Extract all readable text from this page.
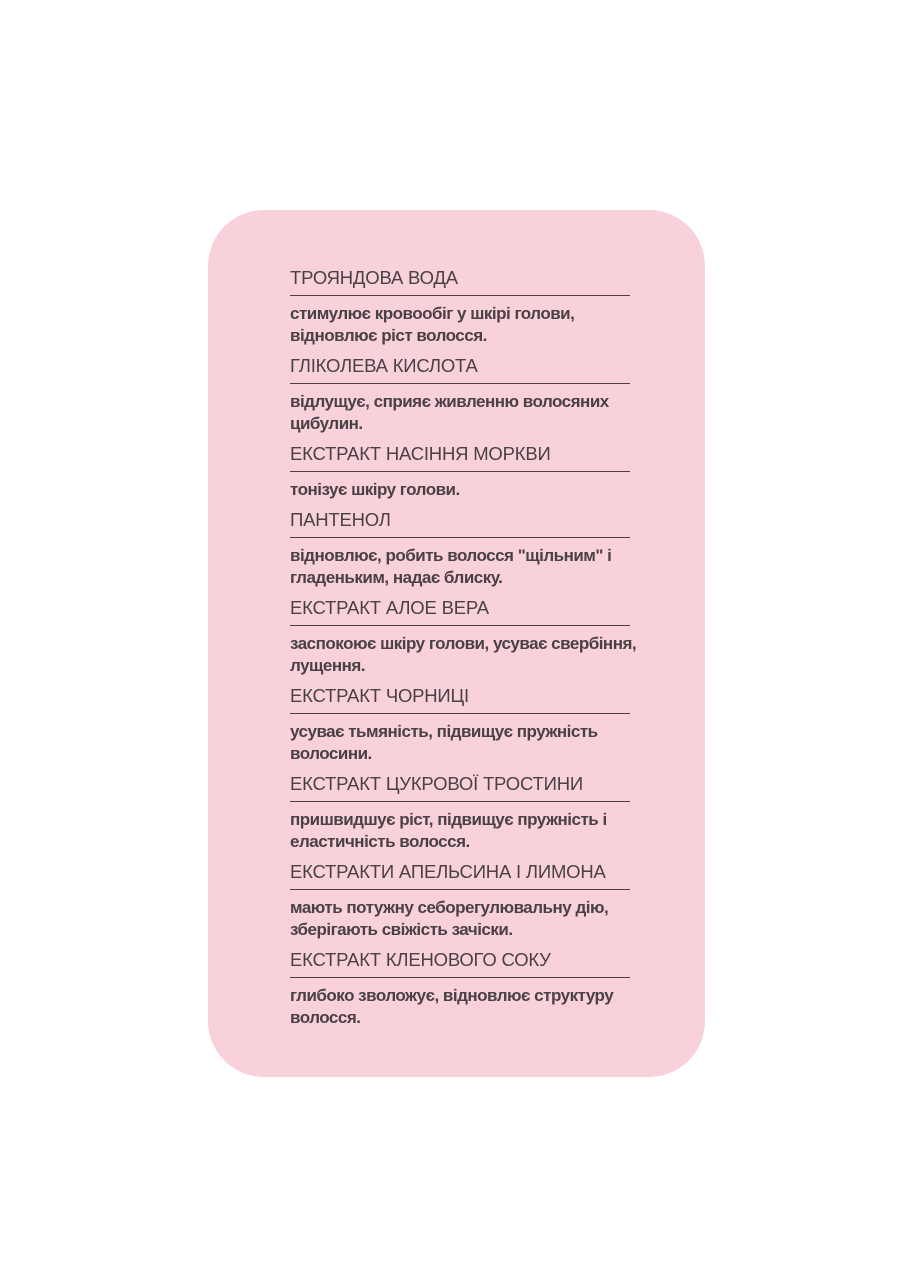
ТРОЯНДОВА ВОДА
стимулює кровообіг у шкірі голови,
відновлює ріст волосся.
ГЛІКОЛЕВА КИСЛОТА
відлущує, сприяє живленню волосяних
цибулин.
ЕКСТРАКТ НАСІННЯ МОРКВИ
тонізує шкіру голови.
ПАНТЕНОЛ
відновлює, робить волосся "щільним" і
гладеньким, надає блиску.
ЕКСТРАКТ АЛОЕ ВЕРА
заспокоює шкіру голови, усуває свербіння,
лущення.
ЕКСТРАКТ ЧОРНИЦІ
усуває тьмяність, підвищує пружність
волосини.
ЕКСТРАКТ ЦУКРОВОЇ ТРОСТИНИ
пришвидшує ріст, підвищує пружність і
еластичність волосся.
ЕКСТРАКТИ АПЕЛЬСИНА І ЛИМОНА
мають потужну себорегулювальну дію,
зберігають свіжість зачіски.
ЕКСТРАКТ КЛЕНОВОГО СОКУ
глибоко зволожує, відновлює структуру
волосся.
